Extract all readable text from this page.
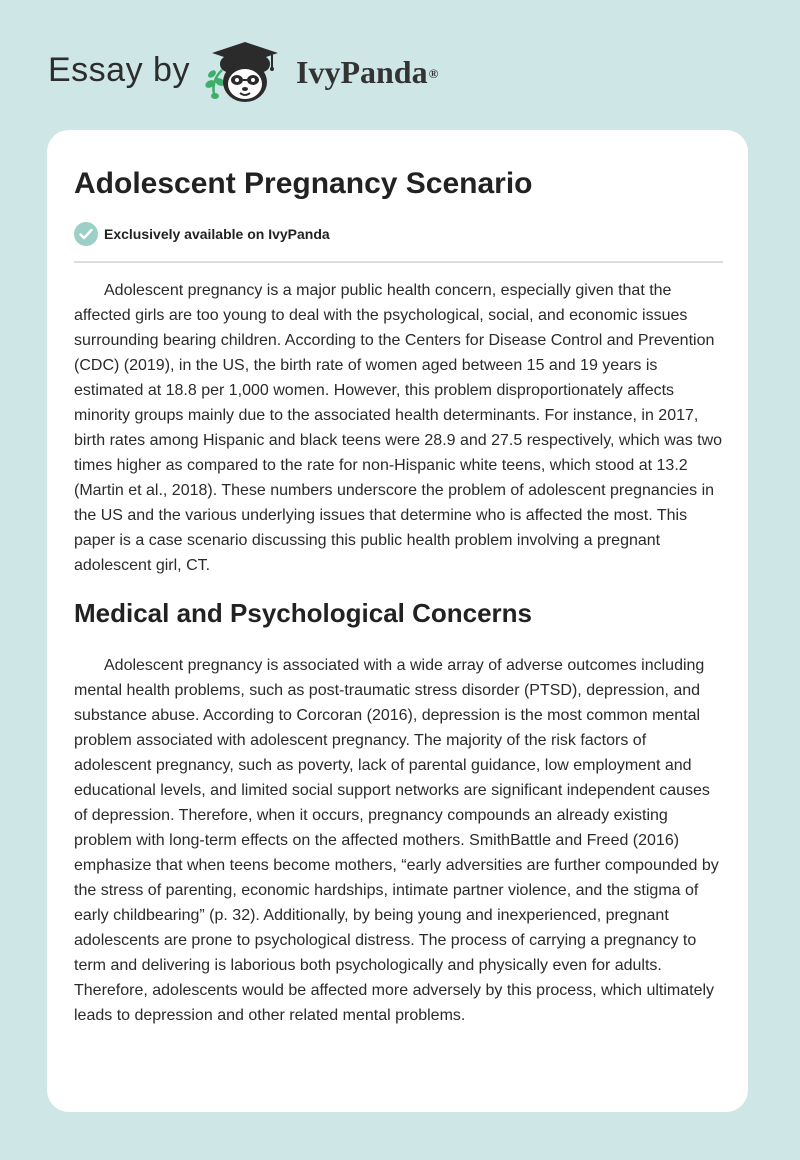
Essay by	IvyPanda®
Adolescent Pregnancy Scenario
Exclusively available on IvyPanda

Adolescent pregnancy is a major public health concern, especially given that the affected girls are too young to deal with the psychological, social, and economic issues surrounding bearing children. According to the Centers for Disease Control and Prevention (CDC) (2019), in the US, the birth rate of women aged between 15 and 19 years is estimated at 18.8 per 1,000 women. However, this problem disproportionately affects minority groups mainly due to the associated health determinants. For instance, in 2017, birth rates among Hispanic and black teens were 28.9 and 27.5 respectively, which was two times higher as compared to the rate for non-Hispanic white teens, which stood at 13.2 (Martin et al., 2018). These numbers underscore the problem of adolescent pregnancies in the US and the various underlying issues that determine who is affected the most. This paper is a case scenario discussing this public health problem involving a pregnant adolescent girl, CT.

Medical and Psychological Concerns

Adolescent pregnancy is associated with a wide array of adverse outcomes including mental health problems, such as post-traumatic stress disorder (PTSD), depression, and substance abuse. According to Corcoran (2016), depression is the most common mental problem associated with adolescent pregnancy. The majority of the risk factors of adolescent pregnancy, such as poverty, lack of parental guidance, low employment and educational levels, and limited social support networks are significant independent causes of depression. Therefore, when it occurs, pregnancy compounds an already existing problem with long-term effects on the affected mothers. SmithBattle and Freed (2016) emphasize that when teens become mothers, “early adversities are further compounded by the stress of parenting, economic hardships, intimate partner violence, and the stigma of early childbearing” (p. 32). Additionally, by being young and inexperienced, pregnant adolescents are prone to psychological distress. The process of carrying a pregnancy to term and delivering is laborious both psychologically and physically even for adults. Therefore, adolescents would be affected more adversely by this process, which ultimately leads to depression and other related mental problems.
